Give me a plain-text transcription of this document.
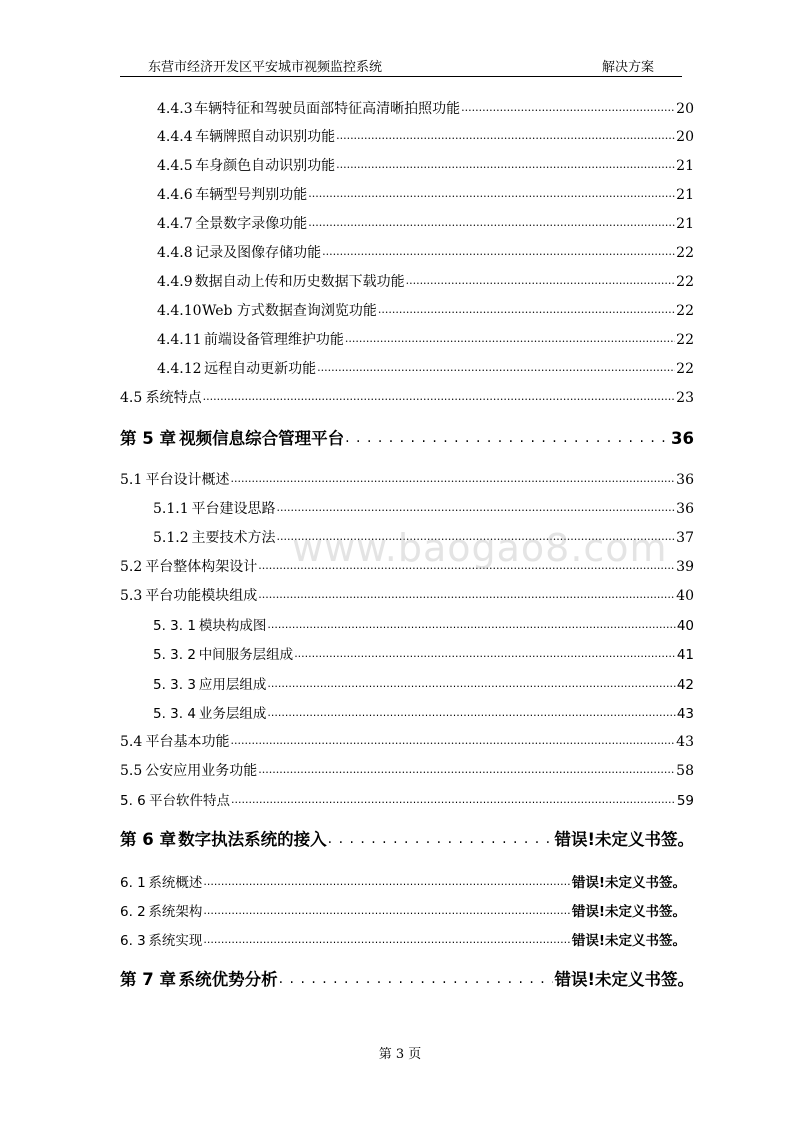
东营市经济开发区平安城市视频监控系统	解决方案
4.4.3 车辆特征和驾驶员面部特征高清晰拍照功能 .....	20
4.4.4 车辆牌照自动识别功能 .....	20
4.4.5 车身颜色自动识别功能 .....	21
4.4.6 车辆型号判别功能 .....	21
4.4.7 全景数字录像功能 .....	21
4.4.8 记录及图像存储功能 .....	22
4.4.9 数据自动上传和历史数据下载功能 .....	22
4.4.10 Web 方式数据查询浏览功能 .....	22
4.4.11 前端设备管理维护功能 .....	22
4.4.12 远程自动更新功能 .....	22
4.5 系统特点 .....	23
第 5 章 视频信息综合管理平台 . . .	36
5.1 平台设计概述 .....	36
5.1.1 平台建设思路 .....	36
5.1.2 主要技术方法 .....	37
5.2 平台整体构架设计 .....	39
5.3 平台功能模块组成 .....	40
5. 3. 1 模块构成图 .....	40
5. 3. 2 中间服务层组成 .....	41
5. 3. 3 应用层组成 .....	42
5. 3. 4 业务层组成 .....	43
5.4 平台基本功能 .....	43
5.5 公安应用业务功能 .....	58
5. 6 平台软件特点 .....	59
第 6 章 数字执法系统的接入 . . .	错误!未定义书签。
6. 1 系统概述 .....	错误!未定义书签。
6. 2 系统架构 .....	错误!未定义书签。
6. 3 系统实现 .....	错误!未定义书签。
第 7 章 系统优势分析 . . .	错误!未定义书签。
www.baogao8.com
第 3 页
